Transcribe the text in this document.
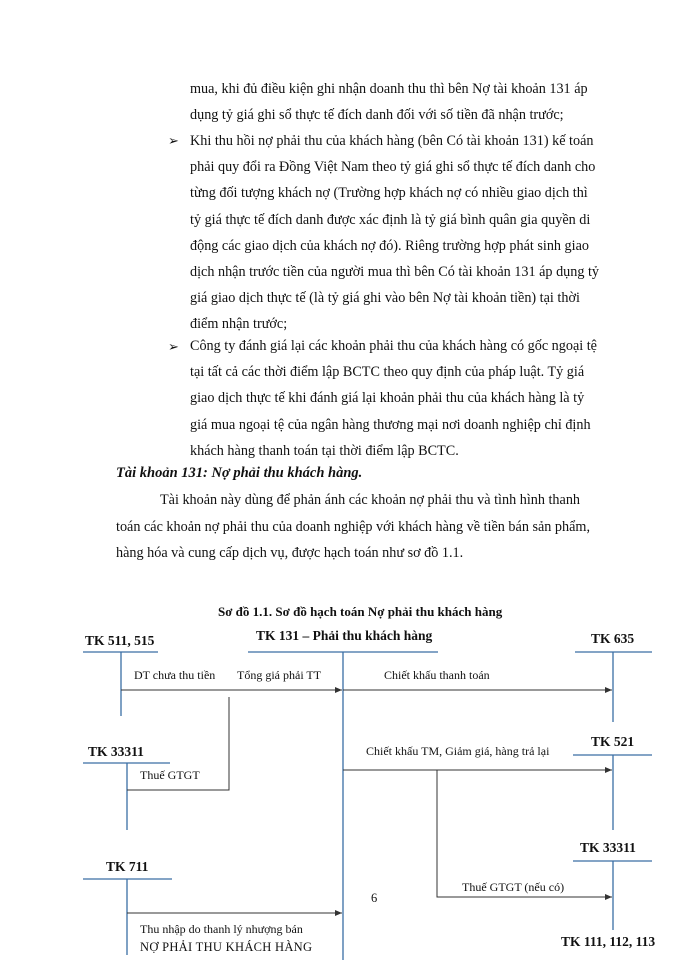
mua, khi đủ điều kiện ghi nhận doanh thu thì bên Nợ tài khoản 131 áp
dụng tỷ giá ghi sổ thực tế đích danh đối với số tiền đã nhận trước;
➢ Khi thu hồi nợ phải thu của khách hàng (bên Có tài khoản 131) kế toán
phải quy đổi ra Đồng Việt Nam theo tỷ giá ghi sổ thực tế đích danh cho
từng đối tượng khách nợ (Trường hợp khách nợ có nhiều giao dịch thì
tỷ giá thực tế đích danh được xác định là tỷ giá bình quân gia quyền di
động các giao dịch của khách nợ đó). Riêng trường hợp phát sinh giao
dịch nhận trước tiền của người mua thì bên Có tài khoản 131 áp dụng tỷ
giá giao dịch thực tế (là tỷ giá ghi vào bên Nợ tài khoản tiền) tại thời
điểm nhận trước;
➢ Công ty đánh giá lại các khoản phải thu của khách hàng có gốc ngoại tệ
tại tất cả các thời điểm lập BCTC theo quy định của pháp luật. Tỷ giá
giao dịch thực tế khi đánh giá lại khoản phải thu của khách hàng là tỷ
giá mua ngoại tệ của ngân hàng thương mại nơi doanh nghiệp chỉ định
khách hàng thanh toán tại thời điểm lập BCTC.
Tài khoản 131: Nợ phải thu khách hàng.
Tài khoản này dùng để phản ánh các khoản nợ phải thu và tình hình thanh
toán các khoản nợ phải thu của doanh nghiệp với khách hàng về tiền bán sản phẩm,
hàng hóa và cung cấp dịch vụ, được hạch toán như sơ đồ 1.1.
Sơ đồ 1.1. Sơ đồ hạch toán Nợ phải thu khách hàng
TK 511, 515	TK 131 – Phải thu khách hàng	TK 635
TK 33311
TK 521
TK 711
TK 33311
TK 111, 112, 113
DT chưa thu tiền Tổng giá phải TT	Chiết khấu thanh toán
Chiết khấu TM, Giảm giá, hàng trả lại
Thuế GTGT
Thuế GTGT (nếu có)
Thu nhập do thanh lý nhượng bán
6
NỢ PHẢI THU KHÁCH HÀNG
